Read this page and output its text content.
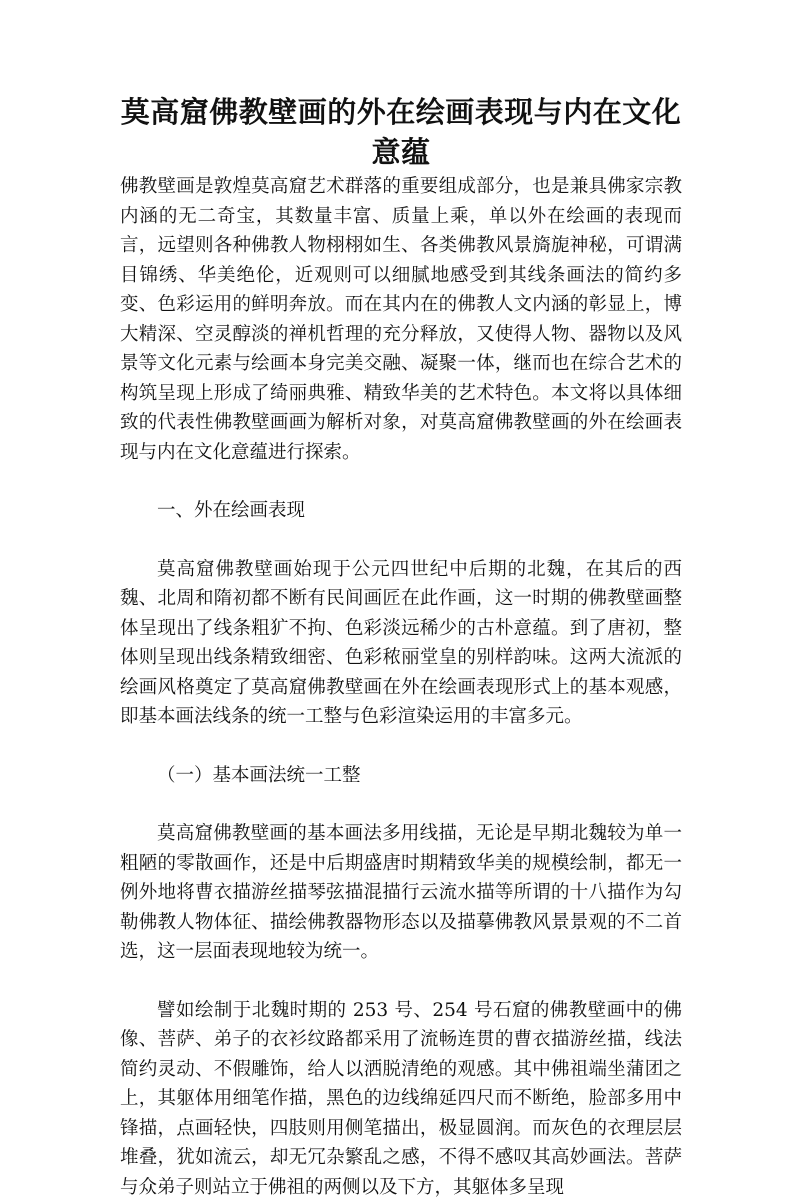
莫高窟佛教壁画的外在绘画表现与内在文化意蕴

佛教壁画是敦煌莫高窟艺术群落的重要组成部分，也是兼具佛家宗教内涵的无二奇宝，其数量丰富、质量上乘，单以外在绘画的表现而言，远望则各种佛教人物栩栩如生、各类佛教风景旖旎神秘，可谓满目锦绣、华美绝伦，近观则可以细腻地感受到其线条画法的简约多变、色彩运用的鲜明奔放。而在其内在的佛教人文内涵的彰显上，博大精深、空灵醇淡的禅机哲理的充分释放，又使得人物、器物以及风景等文化元素与绘画本身完美交融、凝聚一体，继而也在综合艺术的构筑呈现上形成了绮丽典雅、精致华美的艺术特色。本文将以具体细致的代表性佛教壁画画为解析对象，对莫高窟佛教壁画的外在绘画表现与内在文化意蕴进行探索。

一、外在绘画表现

莫高窟佛教壁画始现于公元四世纪中后期的北魏，在其后的西魏、北周和隋初都不断有民间画匠在此作画，这一时期的佛教壁画整体呈现出了线条粗犷不拘、色彩淡远稀少的古朴意蕴。到了唐初，整体则呈现出线条精致细密、色彩秾丽堂皇的别样韵味。这两大流派的绘画风格奠定了莫高窟佛教壁画在外在绘画表现形式上的基本观感，即基本画法线条的统一工整与色彩渲染运用的丰富多元。

（一）基本画法统一工整

莫高窟佛教壁画的基本画法多用线描，无论是早期北魏较为单一粗陋的零散画作，还是中后期盛唐时期精致华美的规模绘制，都无一例外地将曹衣描游丝描琴弦描混描行云流水描等所谓的十八描作为勾勒佛教人物体征、描绘佛教器物形态以及描摹佛教风景景观的不二首选，这一层面表现地较为统一。

譬如绘制于北魏时期的 253 号、254 号石窟的佛教壁画中的佛像、菩萨、弟子的衣衫纹路都采用了流畅连贯的曹衣描游丝描，线法简约灵动、不假雕饰，给人以洒脱清绝的观感。其中佛祖端坐蒲团之上，其躯体用细笔作描，黑色的边线绵延四尺而不断绝，脸部多用中锋描，点画轻快，四肢则用侧笔描出，极显圆润。而灰色的衣理层层堆叠，犹如流云，却无冗杂繁乱之感，不得不感叹其高妙画法。菩萨与众弟子则站立于佛祖的两侧以及下方，其躯体多呈现
